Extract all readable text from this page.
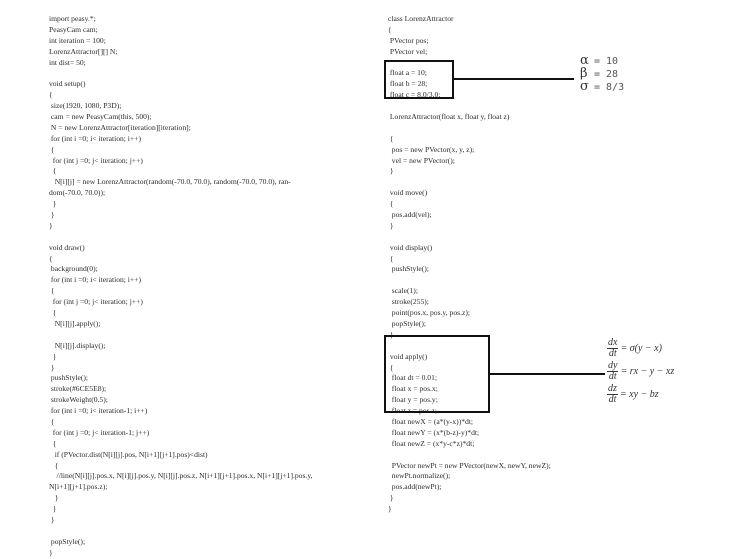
import peasy.*;
PeasyCam cam;
int iteration = 100;
LorenzAttractor[][] N;
int dist= 50;

void setup()
{
size(1920, 1080, P3D);
cam = new PeasyCam(this, 500);
N = new LorenzAttractor[iteration][iteration];
for (int i =0; i< iteration; i++)
{
for (int j =0; j< iteration; j++)
{
N[i][j] = new LorenzAttractor(random(-70.0, 70.0), random(-70.0, 70.0), ran-
dom(-70.0, 70.0));
}
}
}

void draw()
{
background(0);
for (int i =0; i< iteration; i++)
{
for (int j =0; j< iteration; j++)
{
N[i][j].apply();

N[i][j].display();
}
}
pushStyle();
stroke(#6CE5E8);
strokeWeight(0.5);
for (int i =0; i< iteration-1; i++)
{
for (int j =0; j< iteration-1; j++)
{
if (PVector.dist(N[i][j].pos, N[i+1][j+1].pos)<dist)
{
//line(N[i][j].pos.x, N[i][j].pos.y, N[i][j].pos.z, N[i+1][j+1].pos.x, N[i+1][j+1].pos.y,
N[i+1][j+1].pos.z);
}
}
}

popStyle();
}
class LorenzAttractor
{
PVector pos;
PVector vel;

float a = 10;
float b = 28;
float c = 8.0/3.0;

LorenzAttractor(float x, float y, float z)

{
pos = new PVector(x, y, z);
vel = new PVector();
}

void move()
{
pos.add(vel);
}

void display()
{
pushStyle();

scale(1);
stroke(255);
point(pos.x, pos.y, pos.z);
popStyle();
}

void apply()
{
float dt = 0.01;
float x = pos.x;
float y = pos.y;
float z = pos.z;
float newX = (a*(y-x))*dt;
float newY = (x*(b-z)-y)*dt;
float newZ = (x*y-c*z)*dt;

PVector newPt = new PVector(newX, newY, newZ);
newPt.normalize();
pos.add(newPt);
}
}
α = 10
β = 28
σ = 8/3
$\frac{dx}{dt} = \sigma(y - x)$
$\frac{dy}{dt}$ = rx − y − xz
$\frac{dz}{dt}$ = xy − bz
